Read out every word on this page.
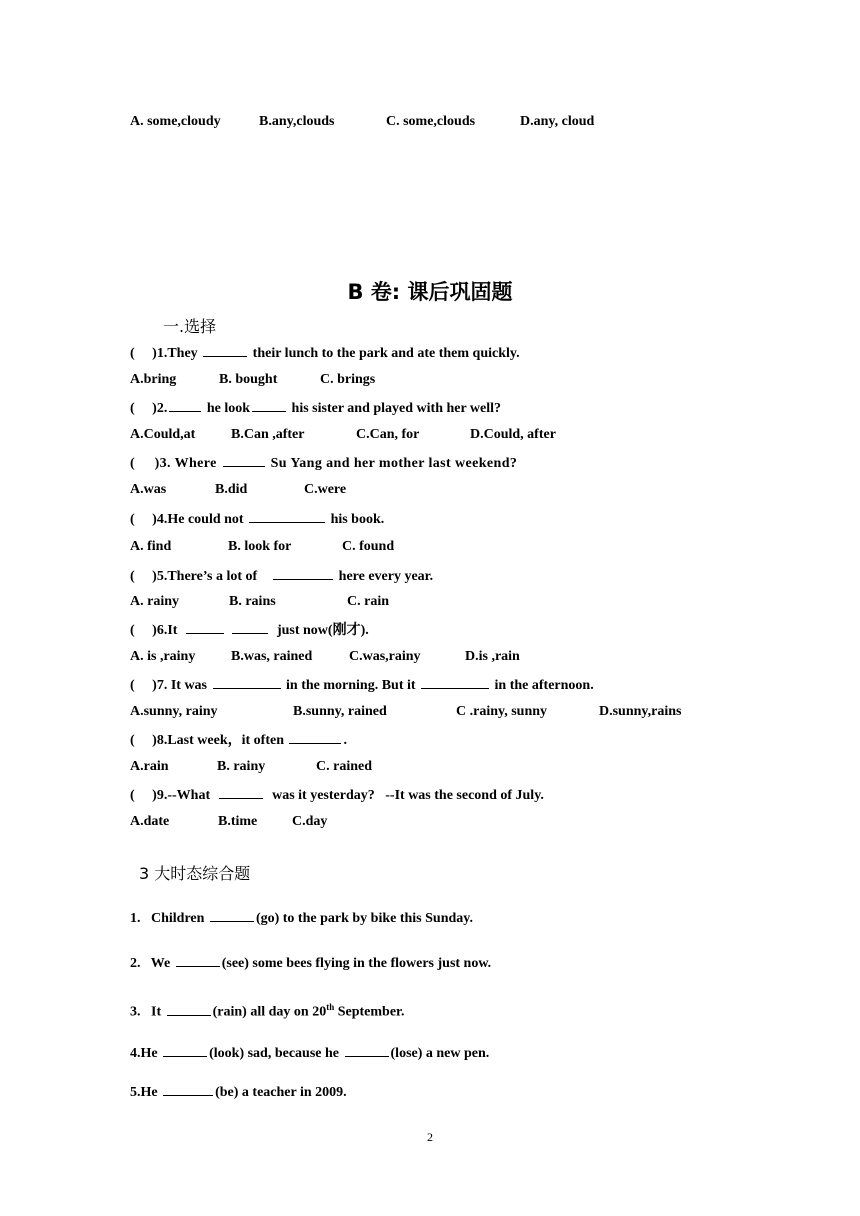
A. some,cloudy	B.any,clouds	C. some,clouds	D.any, cloud
B 卷: 课后巩固题
一.选择
( )1.They	their lunch to the park and ate them quickly.
A.bring	B. bought	C. brings
( )2.	he look	his sister and played with her well?
A.Could,at	B.Can ,after	C.Can, for	D.Could, after
( )3. Where	Su Yang and her mother last weekend?
A.was	B.did	C.were
( )4.He could not	his book.
A. find	B. look for	C. found
( )5.There’s a lot of	here every year.
A. rainy	B. rains	C. rain
( )6.It	just now(刚才).
A. is ,rainy	B.was, rained	C.was,rainy	D.is ,rain
( )7. It was	in the morning. But it	in the afternoon.
A.sunny, rainy	B.sunny, rained	C .rainy, sunny	D.sunny,rains
( )8.Last week，it often	.
A.rain	B. rainy	C. rained
( )9.--What	was it yesterday?   --It was the second of July.
A.date	B.time C.day
3 大时态综合题
1. Children	(go) to the park by bike this Sunday.
2. We	(see) some bees flying in the flowers just now.
3. It	(rain) all day on 20th September.
4.He	(look) sad, because he	(lose) a new pen.
5.He	(be) a teacher in 2009.
2
